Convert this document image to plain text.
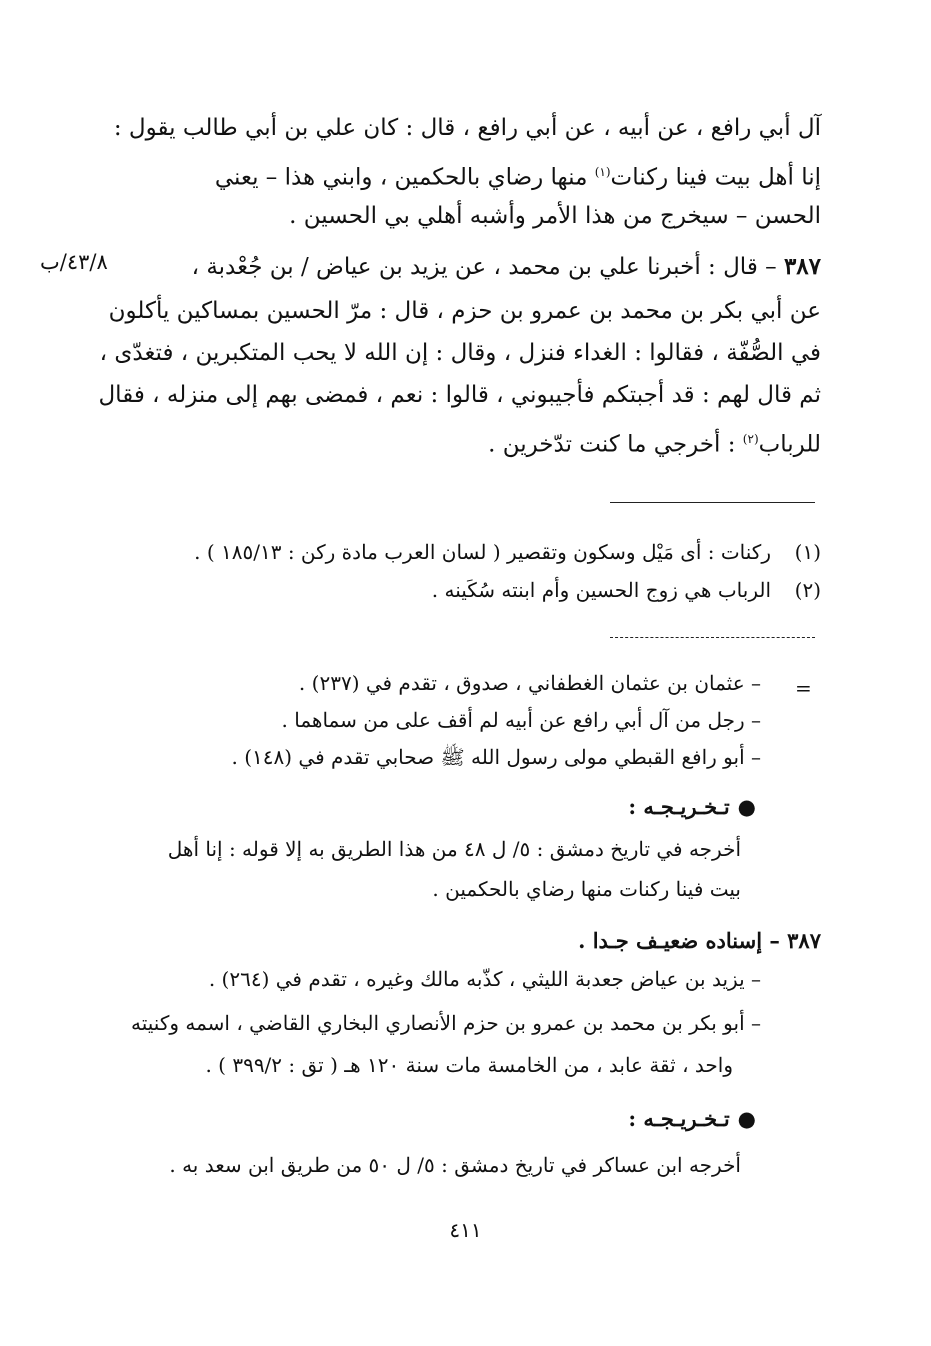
٤٣/٨/ب
آل أبي رافع ، عن أبيه ، عن أبي رافع ، قال : كان علي بن أبي طالب يقول :
إنا أهل بيت فينا ركنات$^{(١)}$ منها رضاي بالحكمين ، وابني هذا – يعني
الحسن – سيخرج من هذا الأمر وأشبه أهلي بي الحسين .
٣٨٧ – قال : أخبرنا علي بن محمد ، عن يزيد بن عياض / بن جُعْدبة ،
عن أبي بكر بن محمد بن عمرو بن حزم ، قال : مرّ الحسين بمساكين يأكلون
في الصُّفّة ، فقالوا : الغداء فنزل ، وقال : إن الله لا يحب المتكبرين ، فتغدّى ،
ثم قال لهم : قد أجبتكم فأجيبوني ، قالوا : نعم ، فمضى بهم إلى منزله ، فقال
للرباب$^{(٢)}$ : أخرجي ما كنت تدّخرين .
(١)ركنات : أى مَيْل وسكون وتقصير ( لسان العرب مادة ركن : ١٨٥/١٣ ) .
(٢)الرباب هي زوج الحسين وأم ابنته سُكَينه .
=
– عثمان بن عثمان الغطفاني ، صدوق ، تقدم في (٢٣٧) .
– رجل من آل أبي رافع عن أبيه لم أقف على من سماهما .
– أبو رافع القبطي مولى رسول الله ﷺ صحابي تقدم في (١٤٨) .
●تـخـريـجـه :
أخرجه في تاريخ دمشق : ٥/ ل ٤٨ من هذا الطريق به إلا قوله : إنا أهل
بيت فينا ركنات منها رضاي بالحكمين .
٣٨٧ – إسناده ضعيـف جـدا .
– يزيد بن عياض جعدبة الليثي ، كذّبه مالك وغيره ، تقدم في (٢٦٤) .
– أبو بكر بن محمد بن عمرو بن حزم الأنصاري البخاري القاضي ، اسمه وكنيته
واحد ، ثقة عابد ، من الخامسة مات سنة ١٢٠ هـ ( تق : ٣٩٩/٢ ) .
●تـخـريـجـه :
أخرجه ابن عساكر في تاريخ دمشق : ٥/ ل ٥٠ من طريق ابن سعد به .
٤١١
